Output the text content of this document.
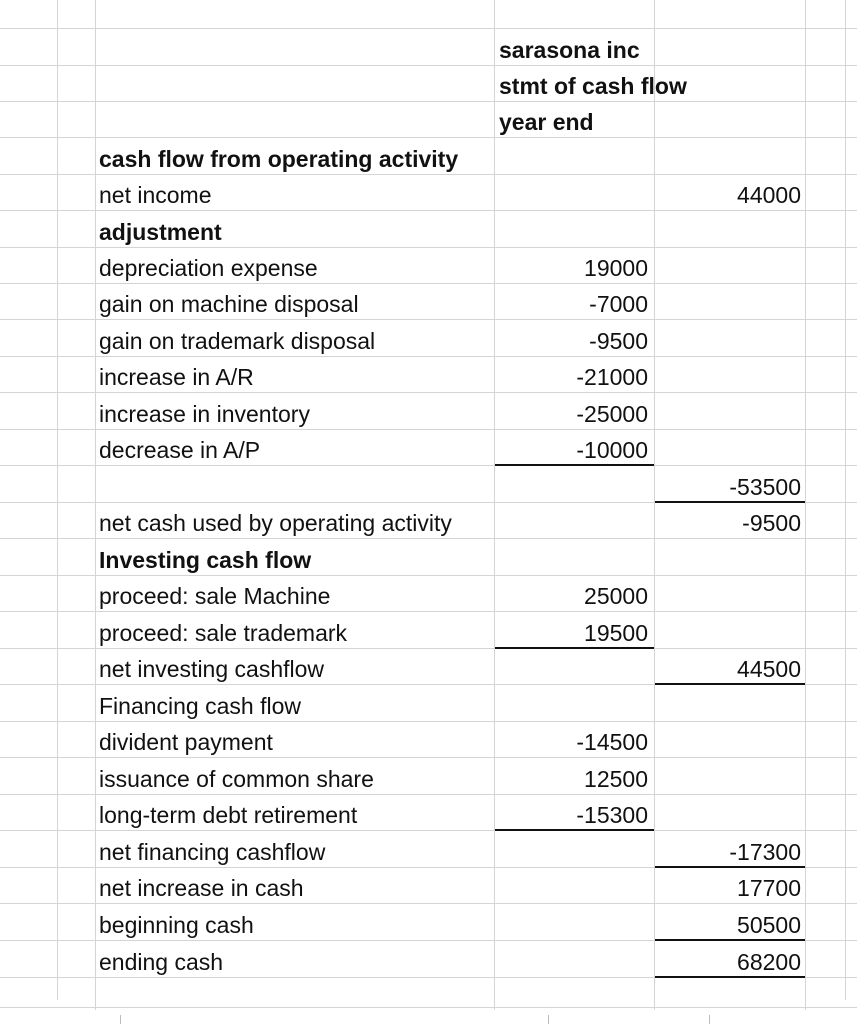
sarasona inc
stmt of cash flow
year end
cash flow from operating activity
net income	44000
adjustment
depreciation expense	19000
gain on machine disposal	-7000
gain on trademark disposal	-9500
increase in A/R	-21000
increase in inventory	-25000
decrease in A/P	-10000
-53500
net cash used by operating activity	-9500
Investing cash flow
proceed: sale Machine	25000
proceed: sale trademark	19500
net investing cashflow	44500
Financing cash flow
divident payment	-14500
issuance of common share	12500
long-term debt retirement	-15300
net financing cashflow	-17300
net increase in cash	17700
beginning cash	50500
ending cash	68200
